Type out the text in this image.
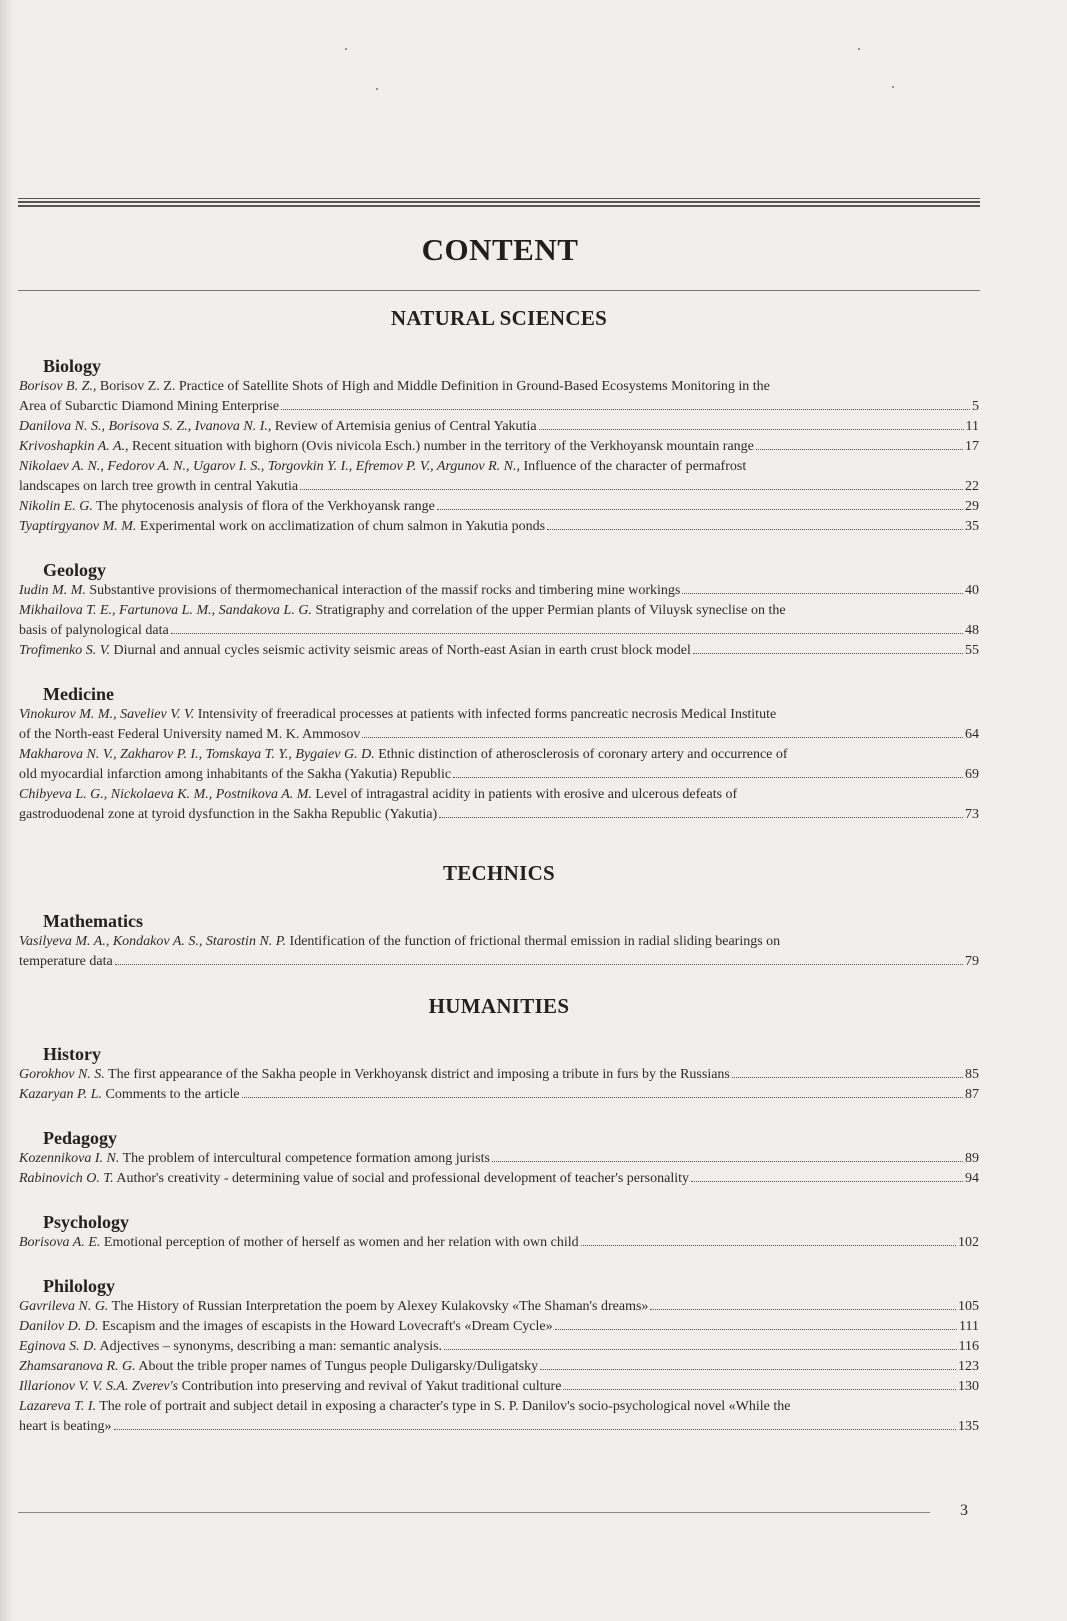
CONTENT
NATURAL SCIENCES
Biology
Borisov B. Z., Borisov Z. Z. Practice of Satellite Shots of High and Middle Definition in Ground-Based Ecosystems Monitoring in the
Area of Subarctic Diamond Mining Enterprise	5
Danilova N. S., Borisova S. Z., Ivanova N. I., Review of Artemisia genius of Central Yakutia	11
Krivoshapkin A. A., Recent situation with bighorn (Ovis nivicola Esch.) number in the territory of the Verkhoyansk mountain range	17
Nikolaev A. N., Fedorov A. N., Ugarov I. S., Torgovkin Y. I., Efremov P. V., Argunov R. N., Influence of the character of permafrost
landscapes on larch tree growth in central Yakutia	22
Nikolin E. G. The phytocenosis analysis of flora of the Verkhoyansk range	29
Tyaptirgyanov M. M. Experimental work on acclimatization of chum salmon in Yakutia ponds	35
Geology
Iudin M. M. Substantive provisions of thermomechanical interaction of the massif rocks and timbering mine workings	40
Mikhailova T. E., Fartunova L. M., Sandakova L. G. Stratigraphy and correlation of the upper Permian plants of Viluysk syneclise on the
basis of palynological data	48
Trofimenko S. V. Diurnal and annual cycles seismic activity seismic areas of North-east Asian in earth crust block model	55
Medicine
Vinokurov M. M., Saveliev V. V. Intensivity of freeradical processes at patients with infected forms pancreatic necrosis Medical Institute
of the North-east Federal University named M. K. Ammosov	64
Makharova N. V., Zakharov P. I., Tomskaya T. Y., Bygaiev G. D. Ethnic distinction of atherosclerosis of coronary artery and occurrence of
old myocardial infarction among inhabitants of the Sakha (Yakutia) Republic	69
Chibyeva L. G., Nickolaeva K. M., Postnikova A. M. Level of intragastral acidity in patients with erosive and ulcerous defeats of
gastroduodenal zone at tyroid dysfunction in the Sakha Republic (Yakutia)	73
TECHNICS
Mathematics
Vasilyeva M. A., Kondakov A. S., Starostin N. P. Identification of the function of frictional thermal emission in radial sliding bearings on
temperature data	79
HUMANITIES
History
Gorokhov N. S. The first appearance of the Sakha people in Verkhoyansk district and imposing a tribute in furs by the Russians	85
Kazaryan P. L. Comments to the article	87
Pedagogy
Kozennikova I. N. The problem of intercultural competence formation among jurists	89
Rabinovich O. T. Author's creativity - determining value of social and professional development of teacher's personality	94
Psychology
Borisova A. E. Emotional perception of mother of herself as women and her relation with own child	102
Philology
Gavrileva N. G. The History of Russian Interpretation the poem by Alexey Kulakovsky «The Shaman's dreams»	105
Danilov D. D. Escapism and the images of escapists in the Howard Lovecraft's «Dream Cycle»	111
Eginova S. D. Adjectives – synonyms, describing a man: semantic analysis.	116
Zhamsaranova R. G. About the trible proper names of Tungus people Duligarsky/Duligatsky	123
Illarionov V. V. S.A. Zverev's Contribution into preserving and revival of Yakut traditional culture	130
Lazareva T. I. The role of portrait and subject detail in exposing a character's type in S. P. Danilov's socio-psychological novel «While the
heart is beating»	135
3
